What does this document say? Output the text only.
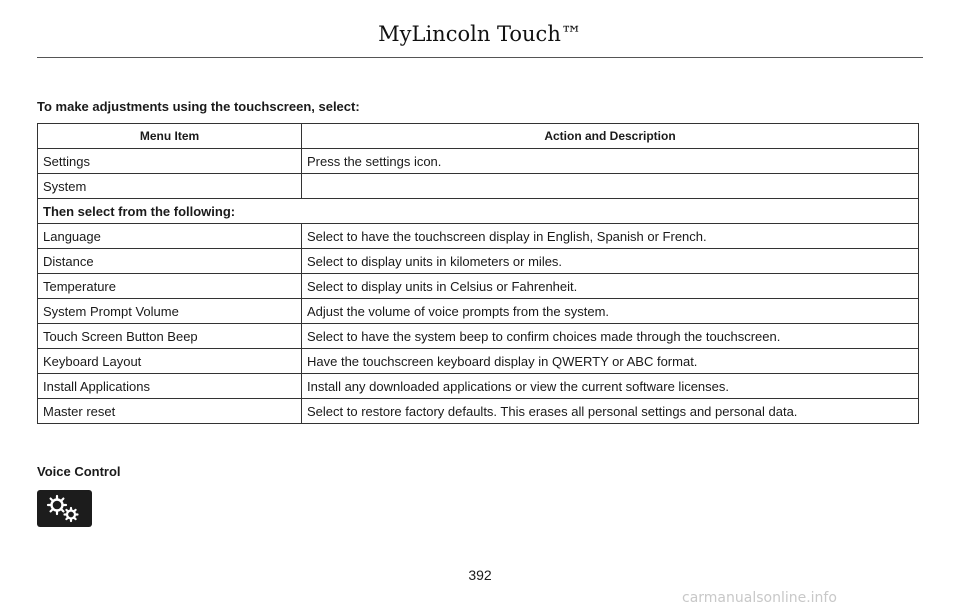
MyLincoln Touch™
To make adjustments using the touchscreen, select:
Menu Item	Action and Description
Settings	Press the settings icon.
System	
Then select from the following:	
Language	Select to have the touchscreen display in English, Spanish or French.
Distance	Select to display units in kilometers or miles.
Temperature	Select to display units in Celsius or Fahrenheit.
System Prompt Volume	Adjust the volume of voice prompts from the system.
Touch Screen Button Beep	Select to have the system beep to confirm choices made through the touchscreen.
Keyboard Layout	Have the touchscreen keyboard display in QWERTY or ABC format.
Install Applications	Install any downloaded applications or view the current software licenses.
Master reset	Select to restore factory defaults. This erases all personal settings and personal data.
Voice Control
392
carmanualsonline.info
